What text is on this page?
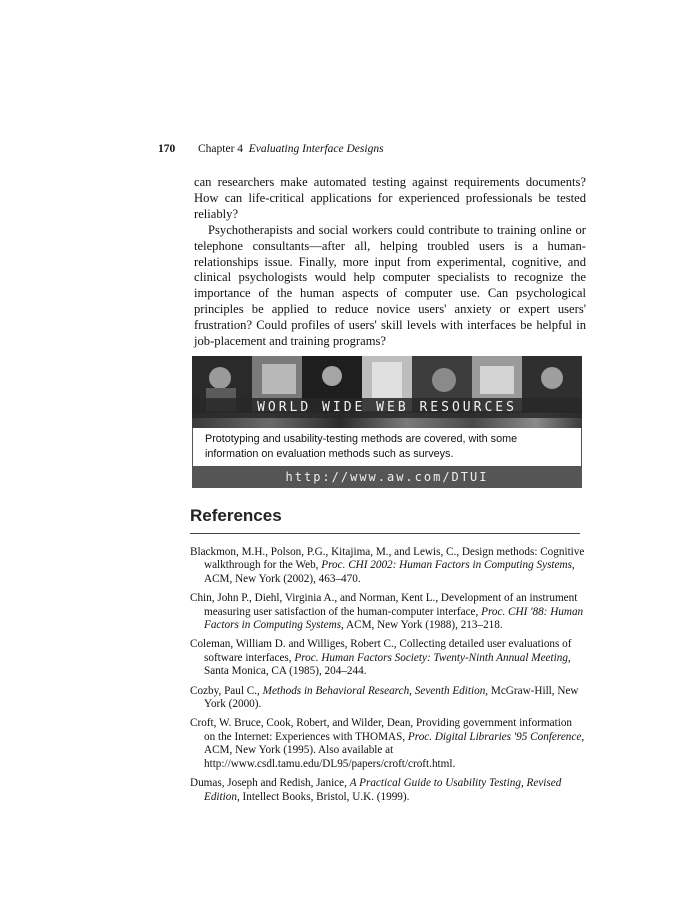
170 Chapter 4 Evaluating Interface Designs

can researchers make automated testing against requirements documents? How can life-critical applications for experienced professionals be tested reliably?

Psychotherapists and social workers could contribute to training online or telephone consultants—after all, helping troubled users is a human-relationships issue. Finally, more input from experimental, cognitive, and clinical psychologists would help computer specialists to recognize the importance of the human aspects of computer use. Can psychological principles be applied to reduce novice users' anxiety or expert users' frustration? Could profiles of users' skill levels with interfaces be helpful in job-placement and training programs?

WORLD WIDE WEB RESOURCES
Prototyping and usability-testing methods are covered, with some information on evaluation methods such as surveys.
http://www.aw.com/DTUI
References

Blackmon, M.H., Polson, P.G., Kitajima, M., and Lewis, C., Design methods: Cognitive walkthrough for the Web, Proc. CHI 2002: Human Factors in Computing Systems, ACM, New York (2002), 463–470.

Chin, John P., Diehl, Virginia A., and Norman, Kent L., Development of an instrument measuring user satisfaction of the human-computer interface, Proc. CHI '88: Human Factors in Computing Systems, ACM, New York (1988), 213–218.

Coleman, William D. and Williges, Robert C., Collecting detailed user evaluations of software interfaces, Proc. Human Factors Society: Twenty-Ninth Annual Meeting, Santa Monica, CA (1985), 204–244.

Cozby, Paul C., Methods in Behavioral Research, Seventh Edition, McGraw-Hill, New York (2000).

Croft, W. Bruce, Cook, Robert, and Wilder, Dean, Providing government information on the Internet: Experiences with THOMAS, Proc. Digital Libraries '95 Conference, ACM, New York (1995). Also available at http://www.csdl.tamu.edu/DL95/papers/croft/croft.html.

Dumas, Joseph and Redish, Janice, A Practical Guide to Usability Testing, Revised Edition, Intellect Books, Bristol, U.K. (1999).
